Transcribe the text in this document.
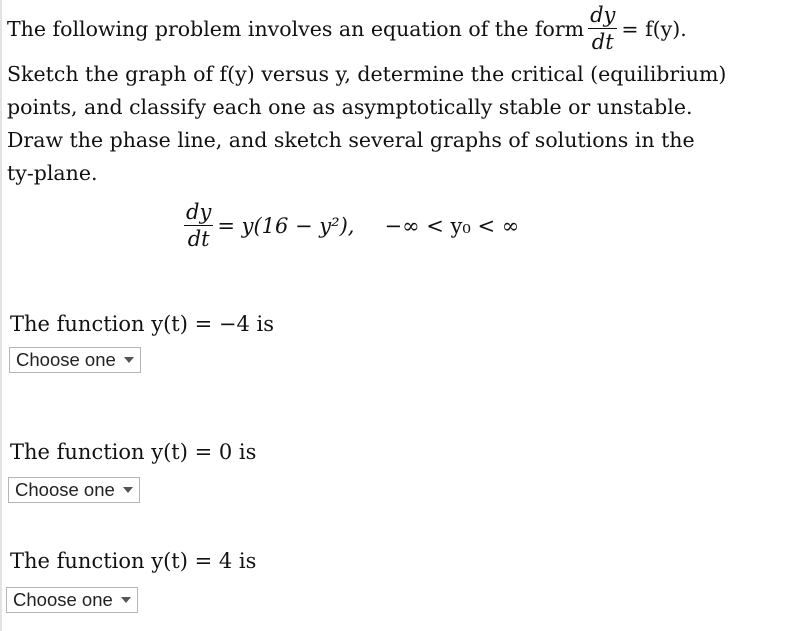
The following problem involves an equation of the form $\frac{dy}{dt} = f(y)$.

Sketch the graph of f(y) versus y, determine the critical (equilibrium)

points, and classify each one as asymptotically stable or unstable.

Draw the phase line, and sketch several graphs of solutions in the

ty-plane.

$\frac{dy}{dt} = y(16 - y^2)$, −∞ < y₀ < ∞
The function y(t) = −4 is
Choose one
The function y(t) = 0 is
Choose one
The function y(t) = 4 is
Choose one
